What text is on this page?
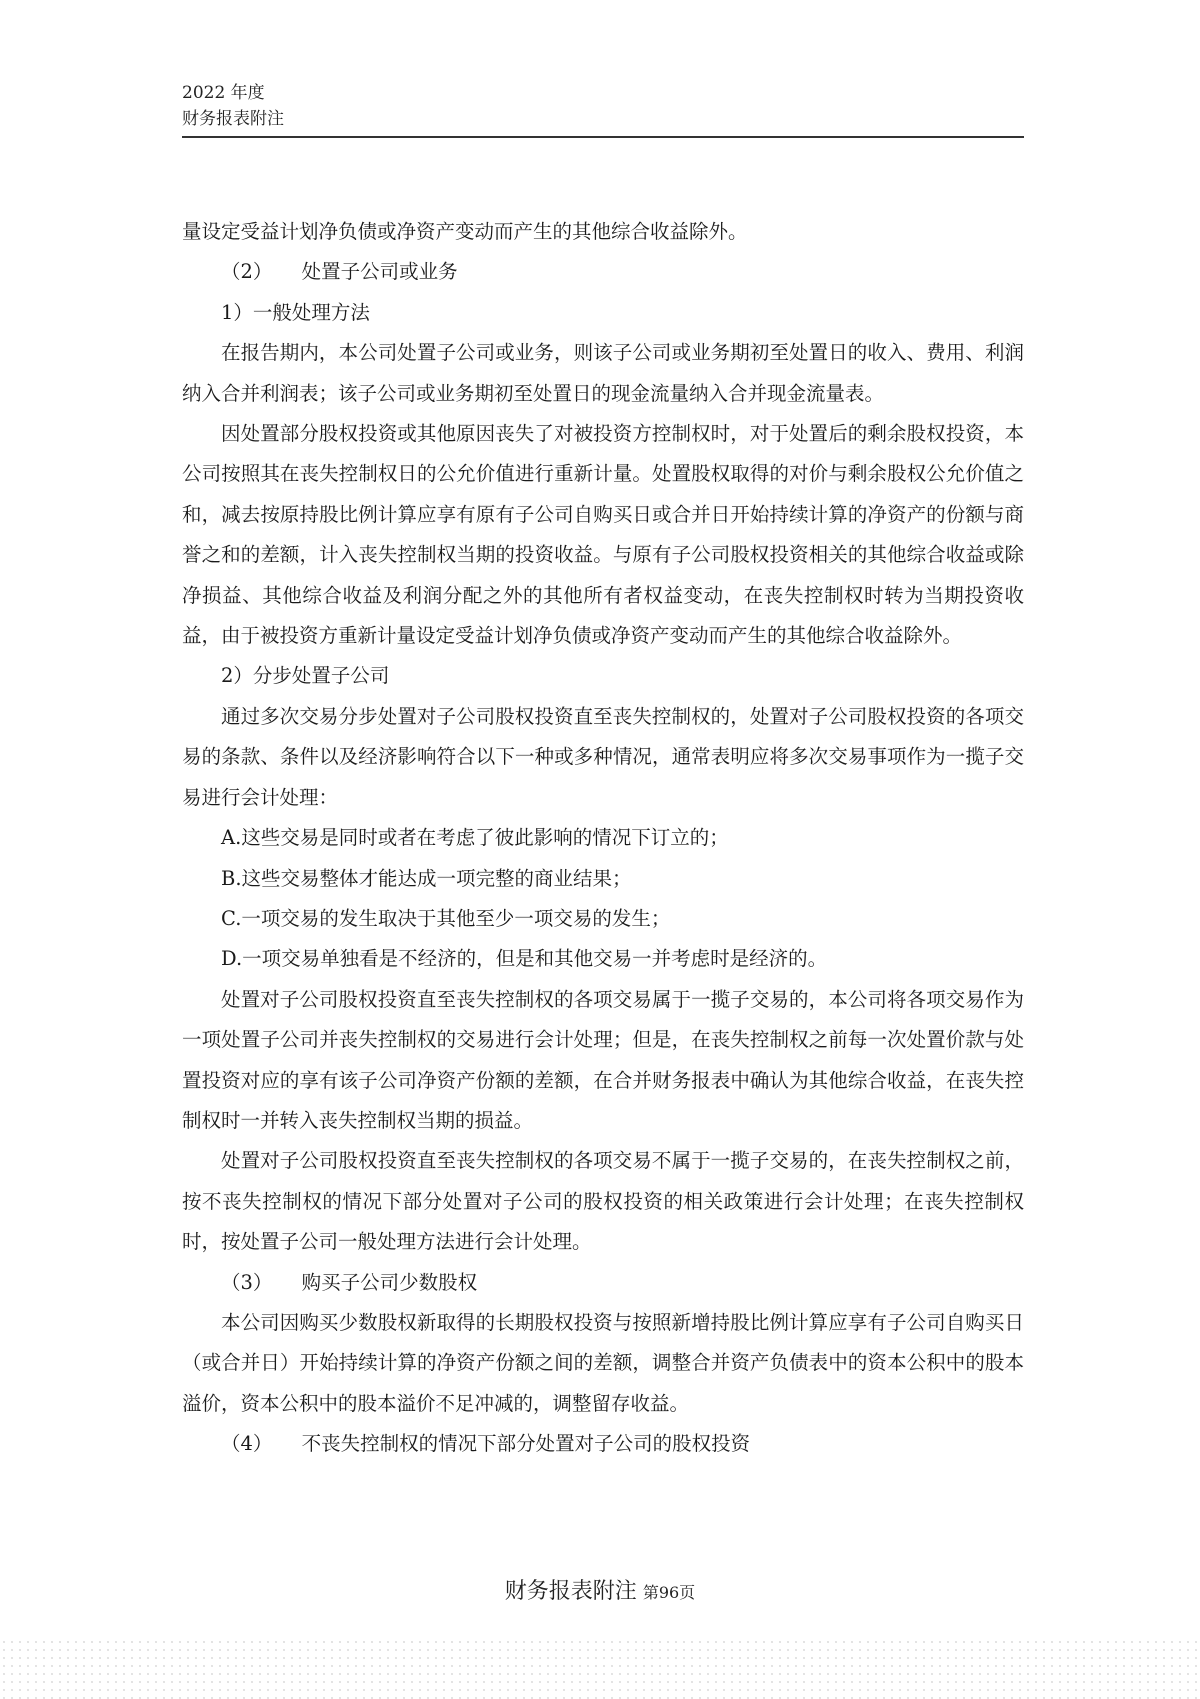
2022 年度
财务报表附注

量设定受益计划净负债或净资产变动而产生的其他综合收益除外。

（2）　　处置子公司或业务

1）一般处理方法

在报告期内，本公司处置子公司或业务，则该子公司或业务期初至处置日的收入、费用、利润纳入合并利润表；该子公司或业务期初至处置日的现金流量纳入合并现金流量表。

因处置部分股权投资或其他原因丧失了对被投资方控制权时，对于处置后的剩余股权投资，本公司按照其在丧失控制权日的公允价值进行重新计量。处置股权取得的对价与剩余股权公允价值之和，减去按原持股比例计算应享有原有子公司自购买日或合并日开始持续计算的净资产的份额与商誉之和的差额，计入丧失控制权当期的投资收益。与原有子公司股权投资相关的其他综合收益或除净损益、其他综合收益及利润分配之外的其他所有者权益变动，在丧失控制权时转为当期投资收益，由于被投资方重新计量设定受益计划净负债或净资产变动而产生的其他综合收益除外。

2）分步处置子公司

通过多次交易分步处置对子公司股权投资直至丧失控制权的，处置对子公司股权投资的各项交易的条款、条件以及经济影响符合以下一种或多种情况，通常表明应将多次交易事项作为一揽子交易进行会计处理：

A.这些交易是同时或者在考虑了彼此影响的情况下订立的；

B.这些交易整体才能达成一项完整的商业结果；

C.一项交易的发生取决于其他至少一项交易的发生；

D.一项交易单独看是不经济的，但是和其他交易一并考虑时是经济的。

处置对子公司股权投资直至丧失控制权的各项交易属于一揽子交易的，本公司将各项交易作为一项处置子公司并丧失控制权的交易进行会计处理；但是，在丧失控制权之前每一次处置价款与处置投资对应的享有该子公司净资产份额的差额，在合并财务报表中确认为其他综合收益，在丧失控制权时一并转入丧失控制权当期的损益。

处置对子公司股权投资直至丧失控制权的各项交易不属于一揽子交易的，在丧失控制权之前，按不丧失控制权的情况下部分处置对子公司的股权投资的相关政策进行会计处理；在丧失控制权时，按处置子公司一般处理方法进行会计处理。

（3）　　购买子公司少数股权

本公司因购买少数股权新取得的长期股权投资与按照新增持股比例计算应享有子公司自购买日（或合并日）开始持续计算的净资产份额之间的差额，调整合并资产负债表中的资本公积中的股本溢价，资本公积中的股本溢价不足冲减的，调整留存收益。

（4）　　不丧失控制权的情况下部分处置对子公司的股权投资

财务报表附注 第96页
